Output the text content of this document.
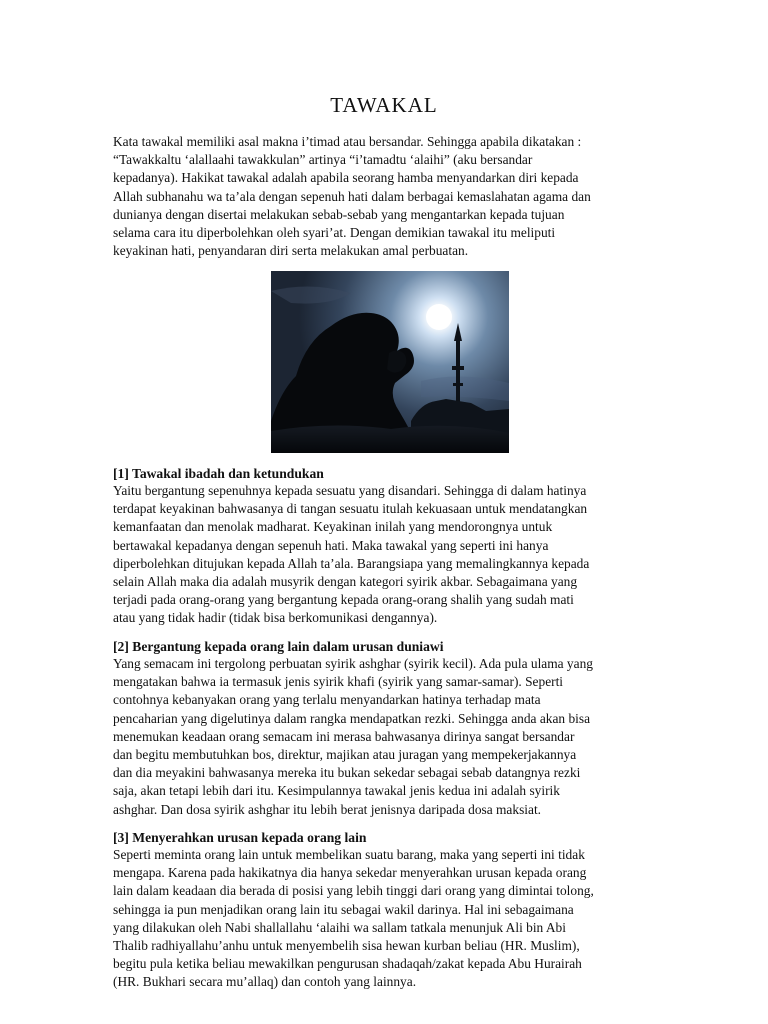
TAWAKAL

Kata tawakal memiliki asal makna i’timad atau bersandar. Sehingga apabila dikatakan :
“Tawakkaltu ‘alallaahi tawakkulan” artinya “i’tamadtu ‘alaihi” (aku bersandar
kepadanya). Hakikat tawakal adalah apabila seorang hamba menyandarkan diri kepada
Allah subhanahu wa ta’ala dengan sepenuh hati dalam berbagai kemaslahatan agama dan
dunianya dengan disertai melakukan sebab-sebab yang mengantarkan kepada tujuan
selama cara itu diperbolehkan oleh syari’at. Dengan demikian tawakal itu meliputi
keyakinan hati, penyandaran diri serta melakukan amal perbuatan.

[1] Tawakal ibadah dan ketundukan

Yaitu bergantung sepenuhnya kepada sesuatu yang disandari. Sehingga di dalam hatinya
terdapat keyakinan bahwasanya di tangan sesuatu itulah kekuasaan untuk mendatangkan
kemanfaatan dan menolak madharat. Keyakinan inilah yang mendorongnya untuk
bertawakal kepadanya dengan sepenuh hati. Maka tawakal yang seperti ini hanya
diperbolehkan ditujukan kepada Allah ta’ala. Barangsiapa yang memalingkannya kepada
selain Allah maka dia adalah musyrik dengan kategori syirik akbar. Sebagaimana yang
terjadi pada orang-orang yang bergantung kepada orang-orang shalih yang sudah mati
atau yang tidak hadir (tidak bisa berkomunikasi dengannya).

[2] Bergantung kepada orang lain dalam urusan duniawi

Yang semacam ini tergolong perbuatan syirik ashghar (syirik kecil). Ada pula ulama yang
mengatakan bahwa ia termasuk jenis syirik khafi (syirik yang samar-samar). Seperti
contohnya kebanyakan orang yang terlalu menyandarkan hatinya terhadap mata
pencaharian yang digelutinya dalam rangka mendapatkan rezki. Sehingga anda akan bisa
menemukan keadaan orang semacam ini merasa bahwasanya dirinya sangat bersandar
dan begitu membutuhkan bos, direktur, majikan atau juragan yang mempekerjakannya
dan dia meyakini bahwasanya mereka itu bukan sekedar sebagai sebab datangnya rezki
saja, akan tetapi lebih dari itu. Kesimpulannya tawakal jenis kedua ini adalah syirik
ashghar. Dan dosa syirik ashghar itu lebih berat jenisnya daripada dosa maksiat.

[3] Menyerahkan urusan kepada orang lain

Seperti meminta orang lain untuk membelikan suatu barang, maka yang seperti ini tidak
mengapa. Karena pada hakikatnya dia hanya sekedar menyerahkan urusan kepada orang
lain dalam keadaan dia berada di posisi yang lebih tinggi dari orang yang dimintai tolong,
sehingga ia pun menjadikan orang lain itu sebagai wakil darinya. Hal ini sebagaimana
yang dilakukan oleh Nabi shallallahu ‘alaihi wa sallam tatkala menunjuk Ali bin Abi
Thalib radhiyallahu’anhu untuk menyembelih sisa hewan kurban beliau (HR. Muslim),
begitu pula ketika beliau mewakilkan pengurusan shadaqah/zakat kepada Abu Hurairah
(HR. Bukhari secara mu’allaq) dan contoh yang lainnya.
